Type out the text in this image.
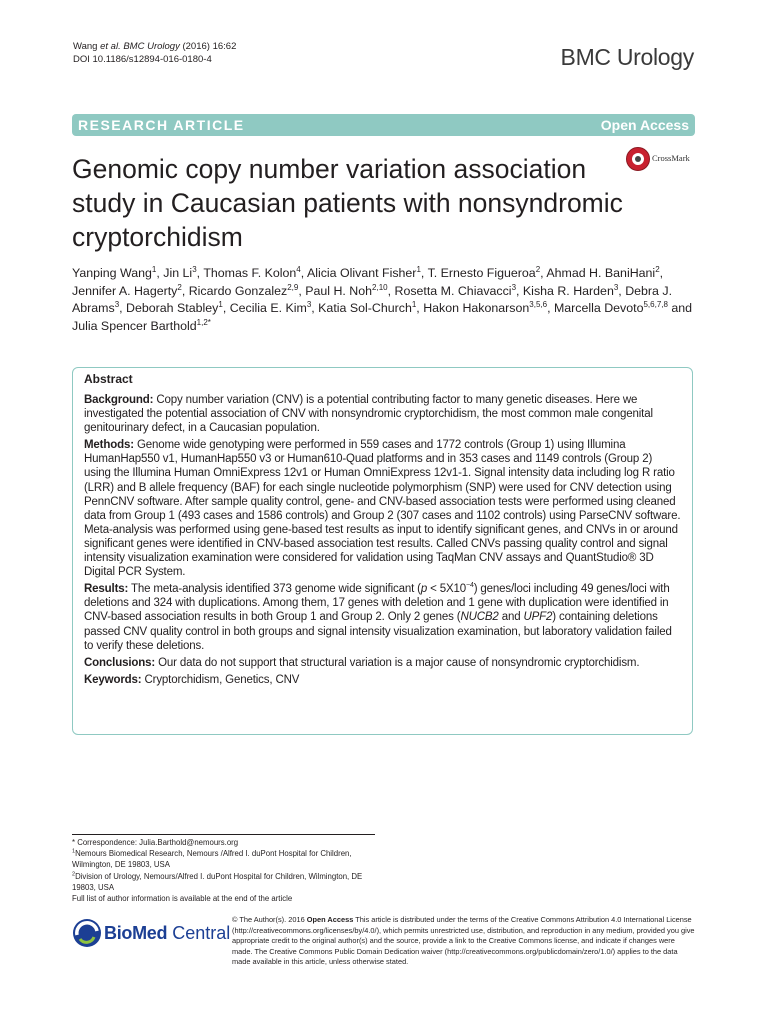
Wang et al. BMC Urology (2016) 16:62
DOI 10.1186/s12894-016-0180-4	BMC Urology
RESEARCH ARTICLE	Open Access
CrossMark
Genomic copy number variation association study in Caucasian patients with nonsyndromic cryptorchidism
Yanping Wang$^1$, Jin Li$^3$, Thomas F. Kolon$^4$, Alicia Olivant Fisher$^1$, T. Ernesto Figueroa$^2$, Ahmad H. BaniHani$^2$, Jennifer A. Hagerty$^2$, Ricardo Gonzalez$^{2,9}$, Paul H. Noh$^{2,10}$, Rosetta M. Chiavacci$^3$, Kisha R. Harden$^3$, Debra J. Abrams$^3$, Deborah Stabley$^1$, Cecilia E. Kim$^3$, Katia Sol-Church$^1$, Hakon Hakonarson$^{3,5,6}$, Marcella Devoto$^{5,6,7,8}$ and Julia Spencer Barthold$^{1,2*}$
Abstract

Background: Copy number variation (CNV) is a potential contributing factor to many genetic diseases. Here we investigated the potential association of CNV with nonsyndromic cryptorchidism, the most common male congenital genitourinary defect, in a Caucasian population.

Methods: Genome wide genotyping were performed in 559 cases and 1772 controls (Group 1) using Illumina HumanHap550 v1, HumanHap550 v3 or Human610-Quad platforms and in 353 cases and 1149 controls (Group 2) using the Illumina Human OmniExpress 12v1 or Human OmniExpress 12v1-1. Signal intensity data including log R ratio (LRR) and B allele frequency (BAF) for each single nucleotide polymorphism (SNP) were used for CNV detection using PennCNV software. After sample quality control, gene- and CNV-based association tests were performed using cleaned data from Group 1 (493 cases and 1586 controls) and Group 2 (307 cases and 1102 controls) using ParseCNV software. Meta-analysis was performed using gene-based test results as input to identify significant genes, and CNVs in or around significant genes were identified in CNV-based association test results. Called CNVs passing quality control and signal intensity visualization examination were considered for validation using TaqMan CNV assays and QuantStudio® 3D Digital PCR System.

Results: The meta-analysis identified 373 genome wide significant $(p < 5X10^{-4})$ genes/loci including 49 genes/loci with deletions and 324 with duplications. Among them, 17 genes with deletion and 1 gene with duplication were identified in CNV-based association results in both Group 1 and Group 2. Only 2 genes (NUCB2 and UPF2) containing deletions passed CNV quality control in both groups and signal intensity visualization examination, but laboratory validation failed to verify these deletions.

Conclusions: Our data do not support that structural variation is a major cause of nonsyndromic cryptorchidism.

Keywords: Cryptorchidism, Genetics, CNV

* Correspondence: Julia.Barthold@nemours.org

$^1$Nemours Biomedical Research, Nemours /Alfred I. duPont Hospital for Children, Wilmington, DE 19803, USA

$^2$Division of Urology, Nemours/Alfred I. duPont Hospital for Children, Wilmington, DE 19803, USA

Full list of author information is available at the end of the article

BioMed Central
© The Author(s). 2016 Open Access This article is distributed under the terms of the Creative Commons Attribution 4.0 International License (http://creativecommons.org/licenses/by/4.0/), which permits unrestricted use, distribution, and reproduction in any medium, provided you give appropriate credit to the original author(s) and the source, provide a link to the Creative Commons license, and indicate if changes were made. The Creative Commons Public Domain Dedication waiver (http://creativecommons.org/publicdomain/zero/1.0/) applies to the data made available in this article, unless otherwise stated.
